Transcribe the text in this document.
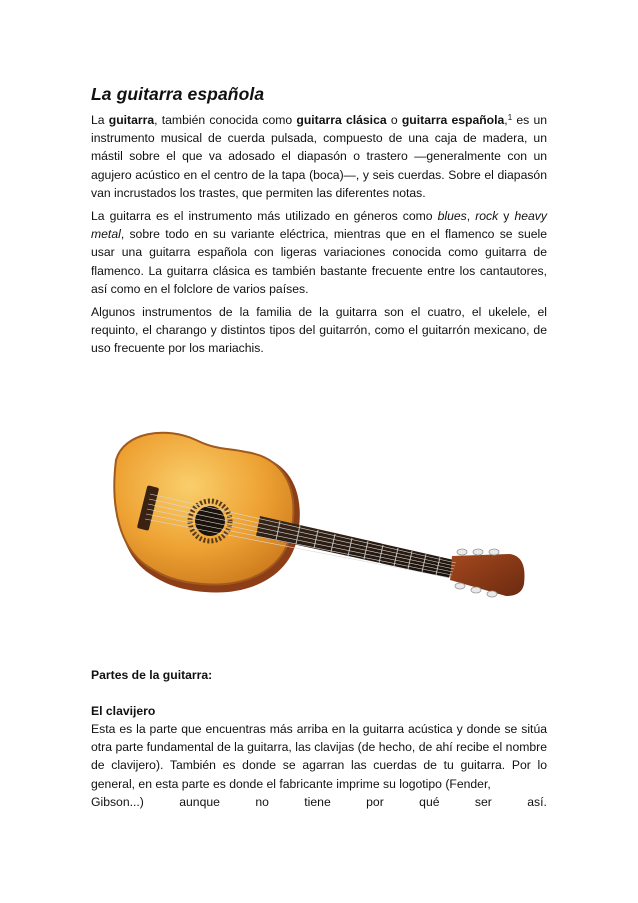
La guitarra española

La guitarra, también conocida como guitarra clásica o guitarra española,$^1$ es un instrumento musical de cuerda pulsada, compuesto de una caja de madera, un mástil sobre el que va adosado el diapasón o trastero —generalmente con un agujero acústico en el centro de la tapa (boca)—, y seis cuerdas. Sobre el diapasón van incrustados los trastes, que permiten las diferentes notas.

La guitarra es el instrumento más utilizado en géneros como blues, rock y heavy metal, sobre todo en su variante eléctrica, mientras que en el flamenco se suele usar una guitarra española con ligeras variaciones conocida como guitarra de flamenco. La guitarra clásica es también bastante frecuente entre los cantautores, así como en el folclore de varios países.

Algunos instrumentos de la familia de la guitarra son el cuatro, el ukelele, el requinto, el charango y distintos tipos del guitarrón, como el guitarrón mexicano, de uso frecuente por los mariachis.

Partes de la guitarra:
El clavijero
Esta es la parte que encuentras más arriba en la guitarra acústica y donde se sitúa otra parte fundamental de la guitarra, las clavijas (de hecho, de ahí recibe el nombre de clavijero). También es donde se agarran las cuerdas de tu guitarra. Por lo general, en esta parte es donde el fabricante imprime su logotipo (Fender,
Gibson...)	aunque	no	tiene	por	qué	ser	así.
